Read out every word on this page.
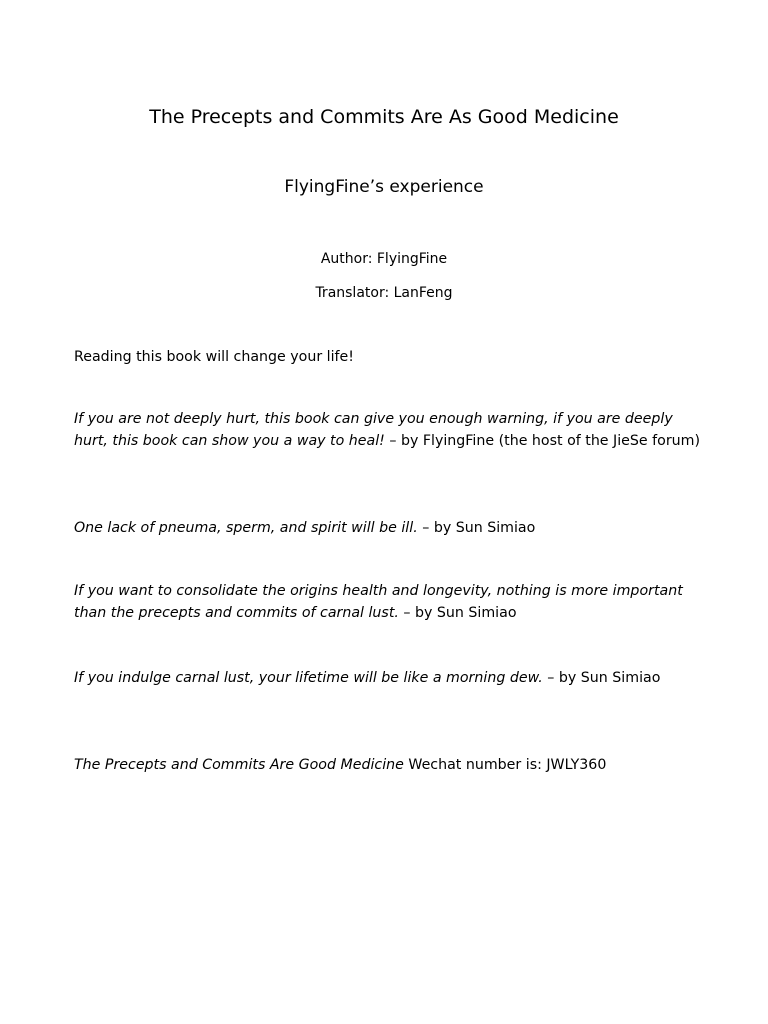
The Precepts and Commits Are As Good Medicine
FlyingFine’s experience
Author: FlyingFine
Translator: LanFeng
Reading this book will change your life!
If you are not deeply hurt, this book can give you enough warning, if you are deeply hurt, this book can show you a way to heal! – by FlyingFine (the host of the JieSe forum)
One lack of pneuma, sperm, and spirit will be ill. – by Sun Simiao
If you want to consolidate the origins health and longevity, nothing is more important than the precepts and commits of carnal lust. – by Sun Simiao
If you indulge carnal lust, your lifetime will be like a morning dew. – by Sun Simiao
The Precepts and Commits Are Good Medicine Wechat number is: JWLY360
